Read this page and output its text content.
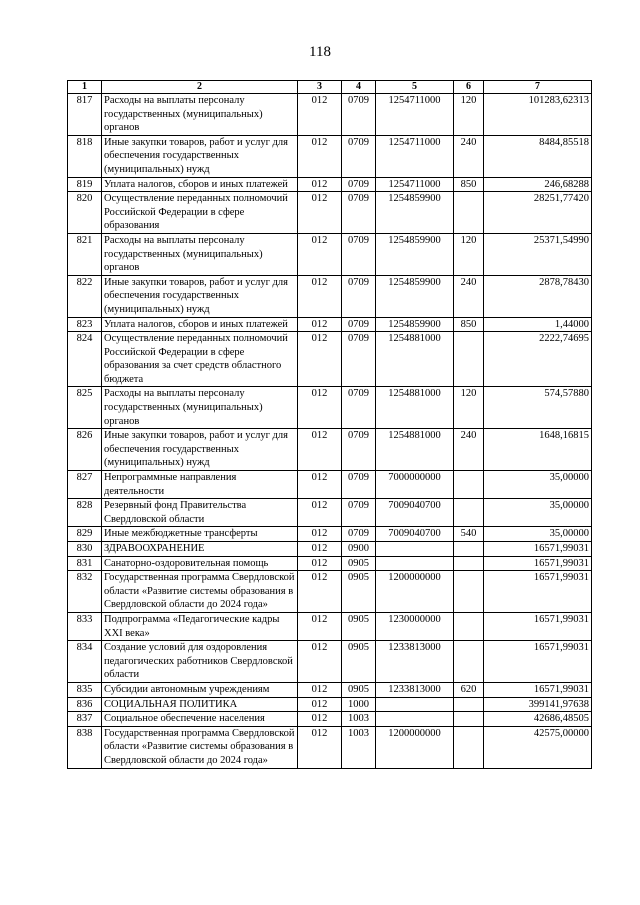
118
1	2	3	4	5	6	7
817	Расходы на выплаты персоналу государственных (муниципальных) органов	012	0709	1254711000	120	101283,62313
818	Иные закупки товаров, работ и услуг для обеспечения государственных (муниципальных) нужд	012	0709	1254711000	240	8484,85518
819	Уплата налогов, сборов и иных платежей	012	0709	1254711000	850	246,68288
820	Осуществление переданных полномочий Российской Федерации в сфере образования	012	0709	1254859900		28251,77420
821	Расходы на выплаты персоналу государственных (муниципальных) органов	012	0709	1254859900	120	25371,54990
822	Иные закупки товаров, работ и услуг для обеспечения государственных (муниципальных) нужд	012	0709	1254859900	240	2878,78430
823	Уплата налогов, сборов и иных платежей	012	0709	1254859900	850	1,44000
824	Осуществление переданных полномочий Российской Федерации в сфере образования за счет средств областного бюджета	012	0709	1254881000		2222,74695
825	Расходы на выплаты персоналу государственных (муниципальных) органов	012	0709	1254881000	120	574,57880
826	Иные закупки товаров, работ и услуг для обеспечения государственных (муниципальных) нужд	012	0709	1254881000	240	1648,16815
827	Непрограммные направления деятельности	012	0709	7000000000		35,00000
828	Резервный фонд Правительства Свердловской области	012	0709	7009040700		35,00000
829	Иные межбюджетные трансферты	012	0709	7009040700	540	35,00000
830	ЗДРАВООХРАНЕНИЕ	012	0900			16571,99031
831	Санаторно-оздоровительная помощь	012	0905			16571,99031
832	Государственная программа Свердловской области «Развитие системы образования в Свердловской области до 2024 года»	012	0905	1200000000		16571,99031
833	Подпрограмма «Педагогические кадры XXI века»	012	0905	1230000000		16571,99031
834	Создание условий для оздоровления педагогических работников Свердловской области	012	0905	1233813000		16571,99031
835	Субсидии автономным учреждениям	012	0905	1233813000	620	16571,99031
836	СОЦИАЛЬНАЯ ПОЛИТИКА	012	1000			399141,97638
837	Социальное обеспечение населения	012	1003			42686,48505
838	Государственная программа Свердловской области «Развитие системы образования в Свердловской области до 2024 года»	012	1003	1200000000		42575,00000
